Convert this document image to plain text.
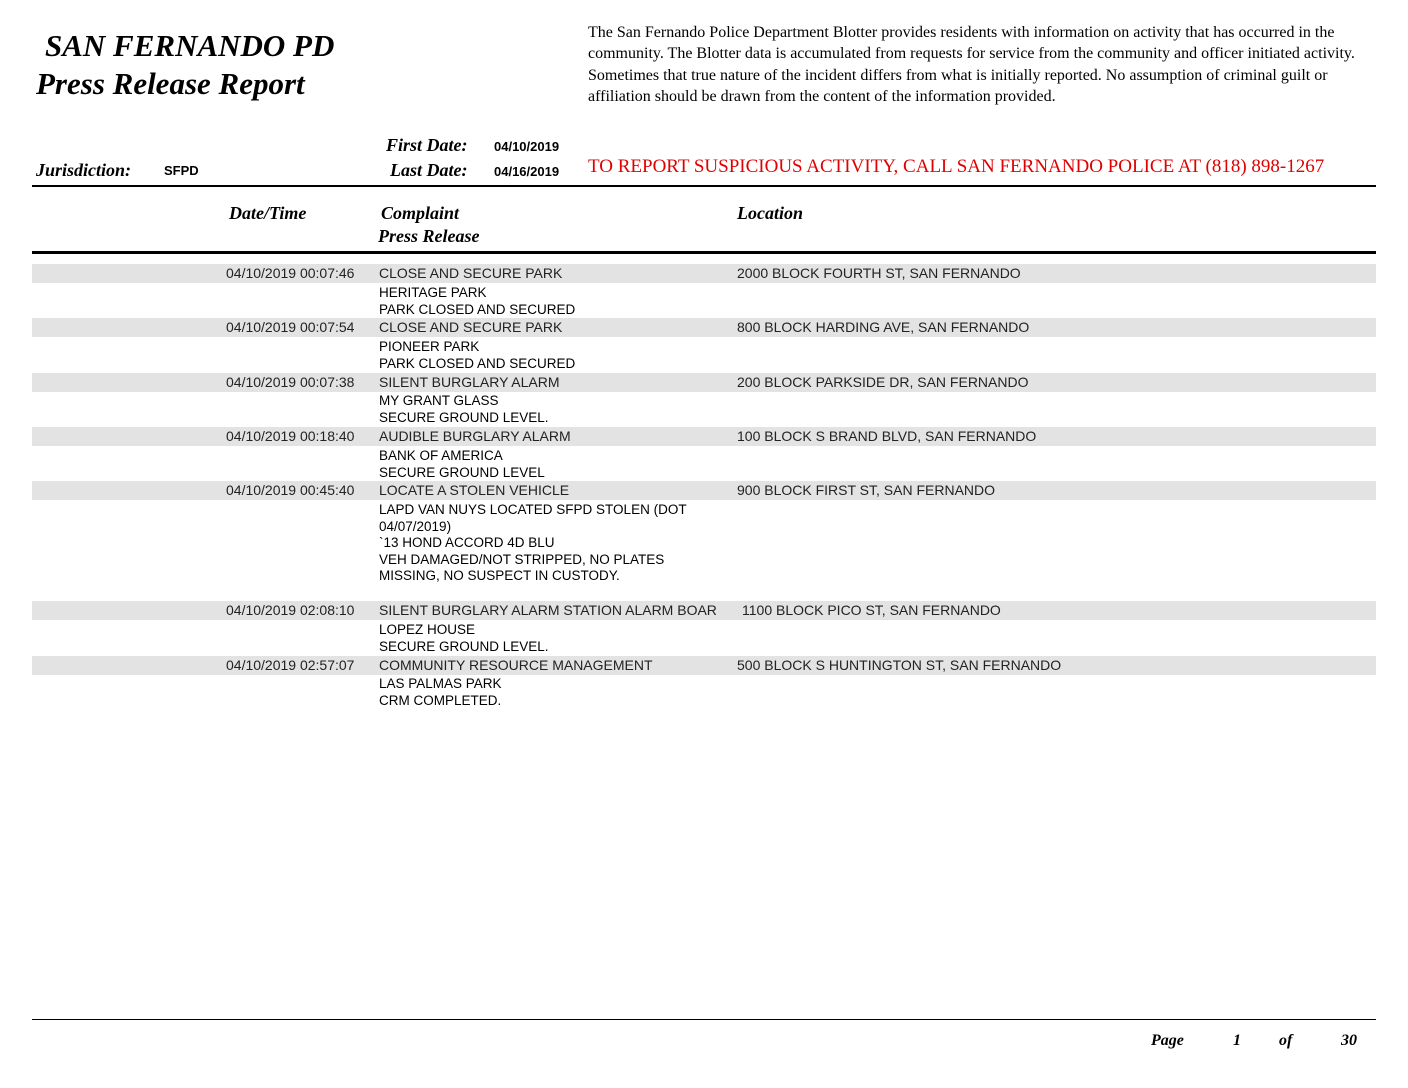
SAN FERNANDO PD
Press Release Report
The San Fernando Police Department Blotter provides residents with information on activity that has occurred in the community. The Blotter data is accumulated from requests for service from the community and officer initiated activity. Sometimes that true nature of the incident differs from what is initially reported. No assumption of criminal guilt or affiliation should be drawn from the content of the information provided.
First Date: 04/10/2019
Last Date: 04/16/2019
Jurisdiction:	SFPD	TO REPORT SUSPICIOUS ACTIVITY, CALL SAN FERNANDO POLICE AT (818) 898-1267
Date/Time	Complaint
Press Release
Location
04/10/2019 00:07:46 CLOSE AND SECURE PARK	2000 BLOCK FOURTH ST, SAN FERNANDO
HERITAGE PARK
PARK CLOSED AND SECURED
04/10/2019 00:07:54 CLOSE AND SECURE PARK	800 BLOCK HARDING AVE, SAN FERNANDO
PIONEER PARK
PARK CLOSED AND SECURED
04/10/2019 00:07:38 SILENT BURGLARY ALARM	200 BLOCK PARKSIDE DR, SAN FERNANDO
MY GRANT GLASS
SECURE GROUND LEVEL.
04/10/2019 00:18:40 AUDIBLE BURGLARY ALARM	100 BLOCK S BRAND BLVD, SAN FERNANDO
BANK OF AMERICA
SECURE GROUND LEVEL
04/10/2019 00:45:40 LOCATE A STOLEN VEHICLE	900 BLOCK FIRST ST, SAN FERNANDO
LAPD VAN NUYS LOCATED SFPD STOLEN (DOT
04/07/2019)
`13 HOND ACCORD 4D BLU
VEH DAMAGED/NOT STRIPPED, NO PLATES
MISSING, NO SUSPECT IN CUSTODY.
04/10/2019 02:08:10 SILENT BURGLARY ALARM STATION ALARM BOAR 1100 BLOCK PICO ST, SAN FERNANDO
LOPEZ HOUSE
SECURE GROUND LEVEL.
04/10/2019 02:57:07 COMMUNITY RESOURCE MANAGEMENT	500 BLOCK S HUNTINGTON ST, SAN FERNANDO
LAS PALMAS PARK
CRM COMPLETED.
Page	1 of	30
